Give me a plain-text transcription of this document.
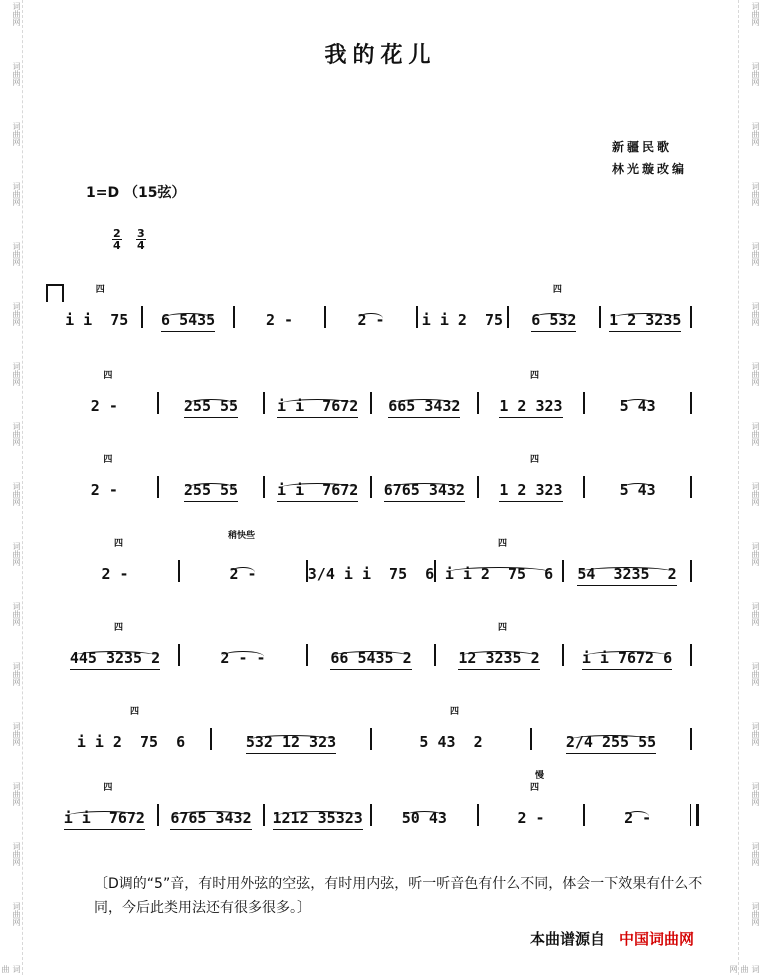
词曲网
词曲网
词曲网
词曲网
词曲网
词曲网
词曲网
词曲网
词曲网
词曲网
词曲网
词曲网
词曲网
词曲网
词曲网
词曲网
词曲
词曲网
词曲网
词曲网
词曲网
词曲网
词曲网
词曲网
词曲网
词曲网
词曲网
词曲网
词曲网
词曲网
词曲网
词曲网
词曲网
词曲网
我的花儿
新疆民歌
林光璇改编
1=D （15弦）
$\frac{2}{4} \frac{3}{4}$
i i  75
四
6 5435	2 -	2 - i i 2  75 6 532
四
1 2 3235
2 -
四
255 55	i i  7672 665 3432	1 2 323
四
5 43
2 -
四
255 55	i i  7672 6765 3432 1 2 323
四
5 43
2 -
四
2 -	3/4 i i  75  6 i i 2  75  6
四
54  3235  2
445 3235 2
四
2 - -	66 5435 2	12 3235 2
四
i i 7672 6
i i 2  75  6
四
532 12 323	5 43  2
四
2/4 255 55
i i  7672
四
6765 3432 1212 35323	50 43	2 -
四
2 -
稍快些
慢
〔D调的“5”音，有时用外弦的空弦，有时用内弦，听一听音色有什么不同，体会一下效果有什么不同，今后此类用法还有很多很多。〕
本曲谱源自 中国词曲网
